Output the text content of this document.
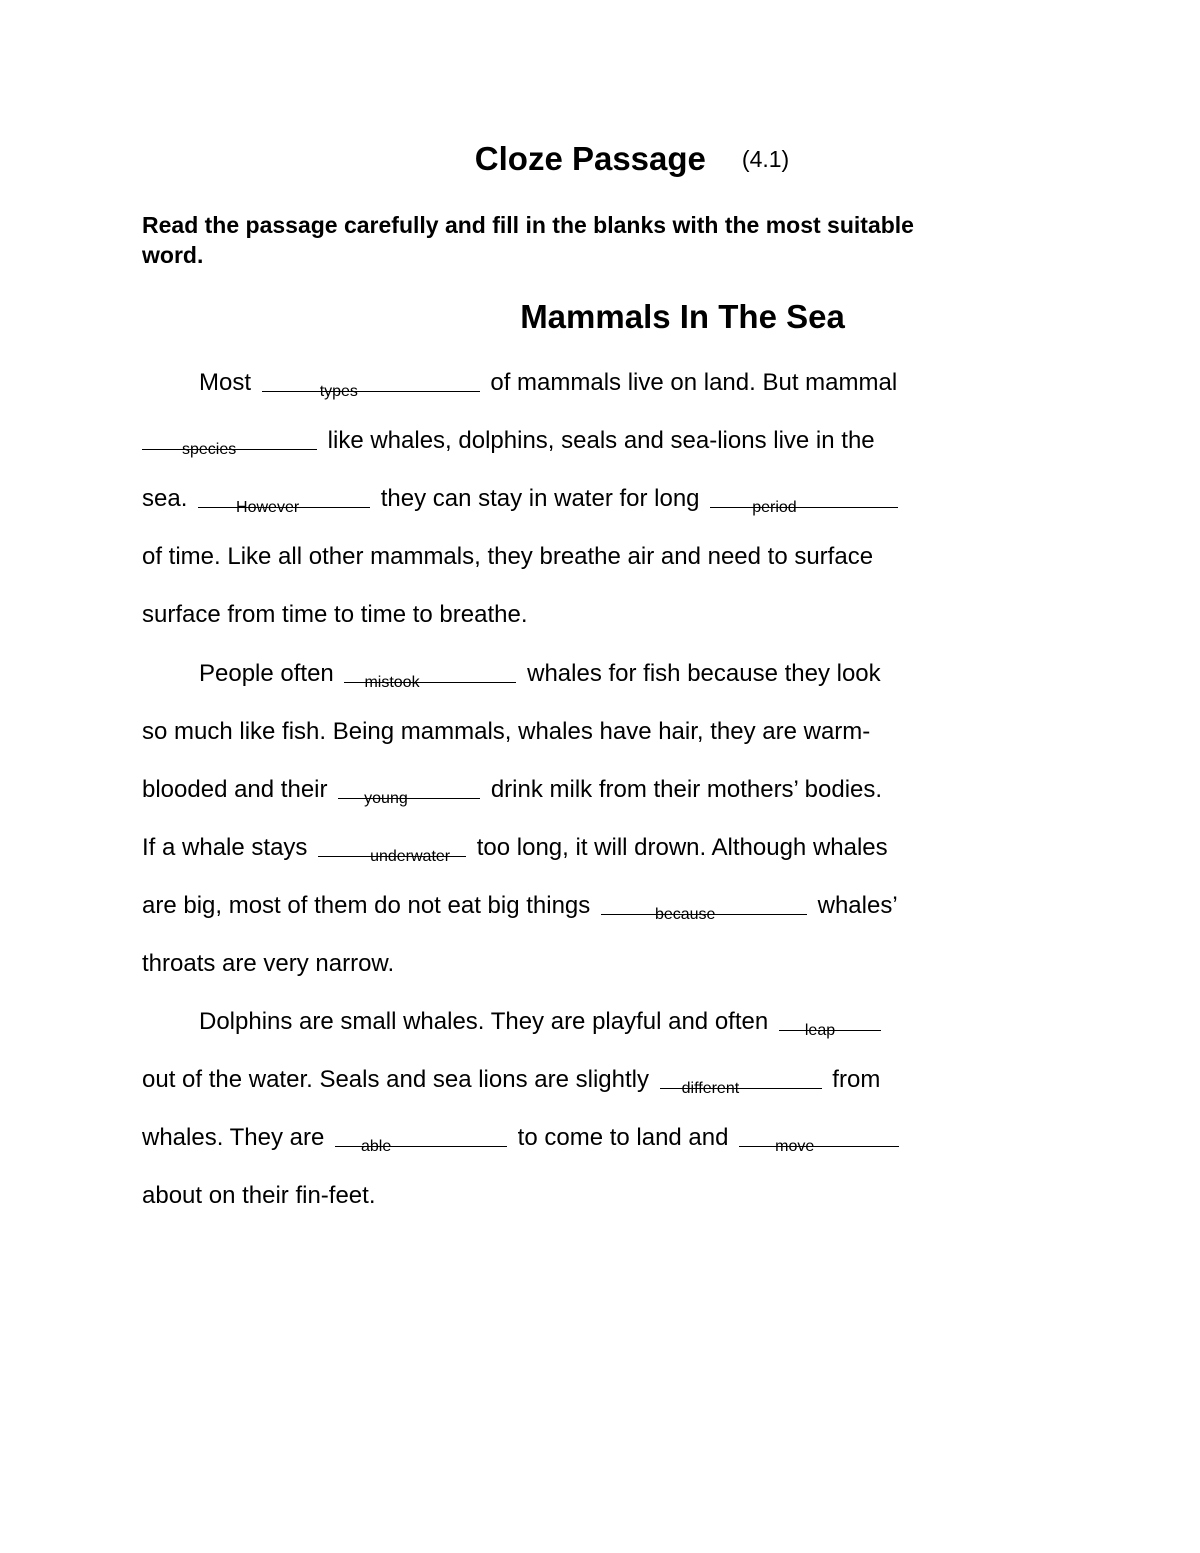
Cloze Passage (4.1)
Read the passage carefully and fill in the blanks with the most suitable word.
Mammals In The Sea
Most	types	of mammals live on land. But mammal
species	like whales, dolphins, seals and sea-lions live in the
sea.	However	they can stay in water for long	period
of time. Like all other mammals, they breathe air and need to surface
surface from time to time to breathe.
People often mistook	whales for fish because they look
so much like fish. Being mammals, whales have hair, they are warm-
blooded and their young	drink milk from their mothers’ bodies.
If a whale stays	underwater too long, it will drown. Although whales
are big, most of them do not eat big things	because	whales’
throats are very narrow.
Dolphins are small whales. They are playful and often leap
out of the water. Seals and sea lions are slightly different	from
whales. They are able	to come to land and	move
about on their fin-feet.
